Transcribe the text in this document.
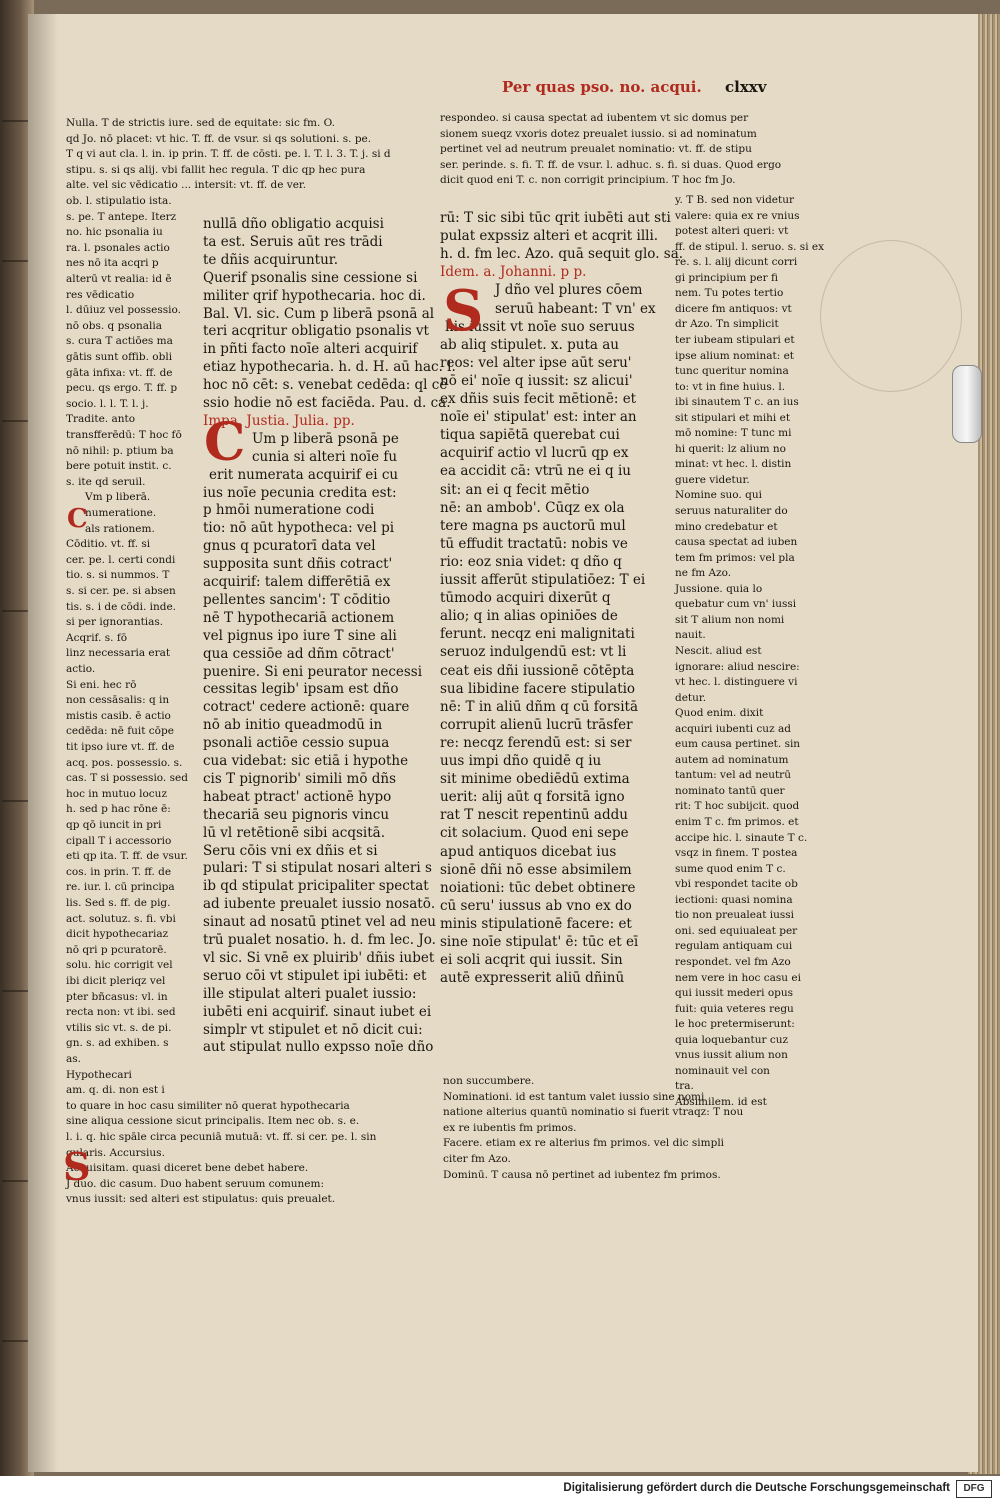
Per quas pso. no. acqui. clxxv
Nulla. T de strictis iure. sed de equitate: sic fm. O.
qd Jo. nō placet: vt hic. T. ff. de vsur. si qs solutioni. s. pe.
T q vi aut cla. l. in. ip prin. T. ff. de cōsti. pe. l. T. l. 3. T. j. si d
stipu. s. si qs alij. vbi fallit hec regula. T dic qp hec pura
alte. vel sic vēdicatio ... intersit: vt. ff. de ver.
ob. l. stipulatio ista.
s. pe. T antepe. Iterz
no. hic psonalia iu
ra. l. psonales actio
nes nō ita acqri p
alterū vt realia: id ē
res vēdicatio
l. dūiuz vel possessio.
nō obs. q psonalia
s. cura T actiōes ma
gātis sunt offib. obli
gāta infixa: vt. ff. de
pecu. qs ergo. T. ff. p
socio. l. l. T. l. j.
Tradite. anto
transfferēdū: T hoc fō
nō nihil: p. ptium ba
bere potuit instit. c.
s. ite qd seruil.
Vm p liberā.
numeratione.
als rationem.
Cōditio. vt. ff. si
cer. pe. l. certi condi
tio. s. si nummos. T
s. si cer. pe. si absen
tis. s. i de cōdi. inde.
si per ignorantias.
Acqrif. s. fō
linz necessaria erat
actio.
Si eni. hec rō
non cessāsalis: q in
mistis casib. ē actio
cedēda: nē fuit cōpe
tit ipso iure vt. ff. de
acq. pos. possessio. s.
cas. T si possessio. sed
hoc in mutuo locuz
h. sed p hac rōne ē:
qp qō iuncit in pri
cipall T i accessorio
eti qp ita. T. ff. de vsur.
cos. in prin. T. ff. de
re. iur. l. cū principa
lis. Sed s. ff. de pig.
act. solutuz. s. fi. vbi
dicit hypothecariaz
nō qri p pcuratorē.
solu. hic corrigit vel
ibi dicit pleriqz vel
pter bñcasus: vl. in
recta non: vt ibi. sed
vtilis sic vt. s. de pi.
gn. s. ad exhiben. s
as.
Hypothecari
am. q. di. non est i
to quare in hoc casu similiter nō querat hypothecaria
sine aliqua cessione sicut principalis. Item nec ob. s. e.
l. i. q. hic spāle circa pecuniā mutuā: vt. ff. si cer. pe. l. sin
gularis. Accursius.
Acquisitam. quasi diceret bene debet habere.
J duo. dic casum. Duo habent seruum comunem:
vnus iussit: sed alteri est stipulatus: quis preualet.
nullā dño obligatio acquisi
ta est. Seruis aūt res trādi
te dñis acquiruntur.
Querif psonalis sine cessione si
militer qrif hypothecaria. hoc di.
Bal. Vl. sic. Cum p liberā psonā al
teri acqritur obligatio psonalis vt
in pñti facto noīe alteri acquirif
etiaz hypothecaria. h. d. H. aū hac. l.
hoc nō cēt: s. venebat cedēda: ql cē
ssio hodie nō est faciēda. Pau. d. ca.
Impa. Justia. Julia. pp.
Um p liberā psonā pe
cunia si alteri noīe fu
erit numerata acquirif ei cu
ius noīe pecunia credita est:
p hmōi numeratione codi
tio: nō aūt hypotheca: vel pi
gnus q pcuratorī data vel
supposita sunt dñis cotract'
acquirif: talem differētiā ex
pellentes sancim': T cōditio
nē T hypothecariā actionem
vel pignus ipo iure T sine ali
qua cessiōe ad dñm cōtract'
puenire. Si eni peurator necessi
cessitas legib' ipsam est dño
cotract' cedere actionē: quare
nō ab initio queadmodū in
psonali actiōe cessio supua
cua videbat: sic etiā i hypothe
cis T pignorib' simili mō dñs
habeat ptract' actionē hypo
thecariā seu pignoris vincu
lū vl retētionē sibi acqsitā.
Seru cōis vni ex dñis et si
pulari: T si stipulat nosari alteri s
ib qd stipulat pricipaliter spectat
ad iubente preualet iussio nosatō.
sinaut ad nosatū ptinet vel ad neu
trū pualet nosatio. h. d. fm lec. Jo.
vl sic. Si vnē ex pluirib' dñis iubet
seruo cōi vt stipulet ipi iubēti: et
ille stipulat alteri pualet iussio:
iubēti eni acquirif. sinaut iubet ei
simplr vt stipulet et nō dicit cui:
aut stipulat nullo expsso noīe dño
rū: T sic sibi tūc qrit iubēti aut sti
pulat expssiz alteri et acqrit illi.
h. d. fm lec. Azo. quā sequit glo. sa.
Idem. a. Johanni. p p.
J dño vel plures cōem
seruū habeant: T vn' ex
his iussit vt noīe suo seruus
ab aliq stipulet. x. puta au
reos: vel alter ipse aūt seru'
nō ei' noīe q iussit: sz alicui'
ex dñis suis fecit mētionē: et
noīe ei' stipulat' est: inter an
tiqua sapiētā querebat cui
acquirif actio vl lucrū qp ex
ea accidit cā: vtrū ne ei q iu
sit: an ei q fecit mētio
nē: an ambob'. Cūqz ex ola
tere magna ps auctorū mul
tū effudit tractatū: nobis ve
rio: eoz snia videt: q dño q
iussit afferūt stipulatiōez: T ei
tūmodo acquiri dixerūt q
alio; q in alias opiniōes de
ferunt. necqz eni malignitati
seruoz indulgendū est: vt li
ceat eis dñi iussionē cōtēpta
sua libidine facere stipulatio
nē: T in aliū dñm q cū forsitā
corrupit alienū lucrū trāsfer
re: necqz ferendū est: si ser
uus impi dño quidē q iu
sit minime obediēdū extima
uerit: alij aūt q forsitā igno
rat T nescit repentinū addu
cit solacium. Quod eni sepe
apud antiquos dicebat ius
sionē dñi nō esse absimilem
noiationi: tūc debet obtinere
cū seru' iussus ab vno ex do
minis stipulationē facere: et
sine noīe stipulat' ē: tūc et eī
ei soli acqrit qui iussit. Sin
autē expresserit aliū dñinū
respondeo. si causa spectat ad iubentem vt sic domus per
sionem sueqz vxoris dotez preualet iussio. si ad nominatum
pertinet vel ad neutrum preualet nominatio: vt. ff. de stipu
ser. perinde. s. fi. T. ff. de vsur. l. adhuc. s. fi. si duas. Quod ergo
dicit quod eni T. c. non corrigit principium. T hoc fm Jo.
y. T B. sed non videtur
valere: quia ex re vnius
potest alteri queri: vt
ff. de stipul. l. seruo. s. si ex
re. s. l. alij dicunt corri
gi principium per fi
nem. Tu potes tertio
dicere fm antiquos: vt
dr Azo. Tn simplicit
ter iubeam stipulari et
ipse alium nominat: et
tunc queritur nomina
to: vt in fine huius. l.
ibi sinautem T c. an ius
sit stipulari et mihi et
mō nomine: T tunc mi
hi querit: lz alium no
minat: vt hec. l. distin
guere videtur.
Nomine suo. qui
seruus naturaliter do
mino credebatur et
causa spectat ad iuben
tem fm primos: vel pla
ne fm Azo.
Jussione. quia lo
quebatur cum vn' iussi
sit T alium non nomi
nauit.
Nescit. aliud est
ignorare: aliud nescire:
vt hec. l. distinguere vi
detur.
Quod enim. dixit
acquiri iubenti cuz ad
eum causa pertinet. sin
autem ad nominatum
tantum: vel ad neutrū
nominato tantū quer
rit: T hoc subijcit. quod
enim T c. fm primos. et
accipe hic. l. sinaute T c.
vsqz in finem. T postea
sume quod enim T c.
vbi respondet tacite ob
iectioni: quasi nomina
tio non preualeat iussi
oni. sed equiualeat per
regulam antiquam cui
respondet. vel fm Azo
nem vere in hoc casu ei
qui iussit mederi opus
fuit: quia veteres regu
le hoc pretermiserunt:
quia loquebantur cuz
vnus iussit alium non
nominauit vel con
tra.
Absimilem. id est
non succumbere.
Nominationi. id est tantum valet iussio sine nomi
natione alterius quantū nominatio si fuerit vtraqz: T nou
ex re iubentis fm primos.
Facere. etiam ex re alterius fm primos. vel dic simpli
citer fm Azo.
Dominū. T causa nō pertinet ad iubentez fm primos.
C
S
C
S
Digitalisierung gefördert durch die Deutsche Forschungsgemeinschaft	DFG
